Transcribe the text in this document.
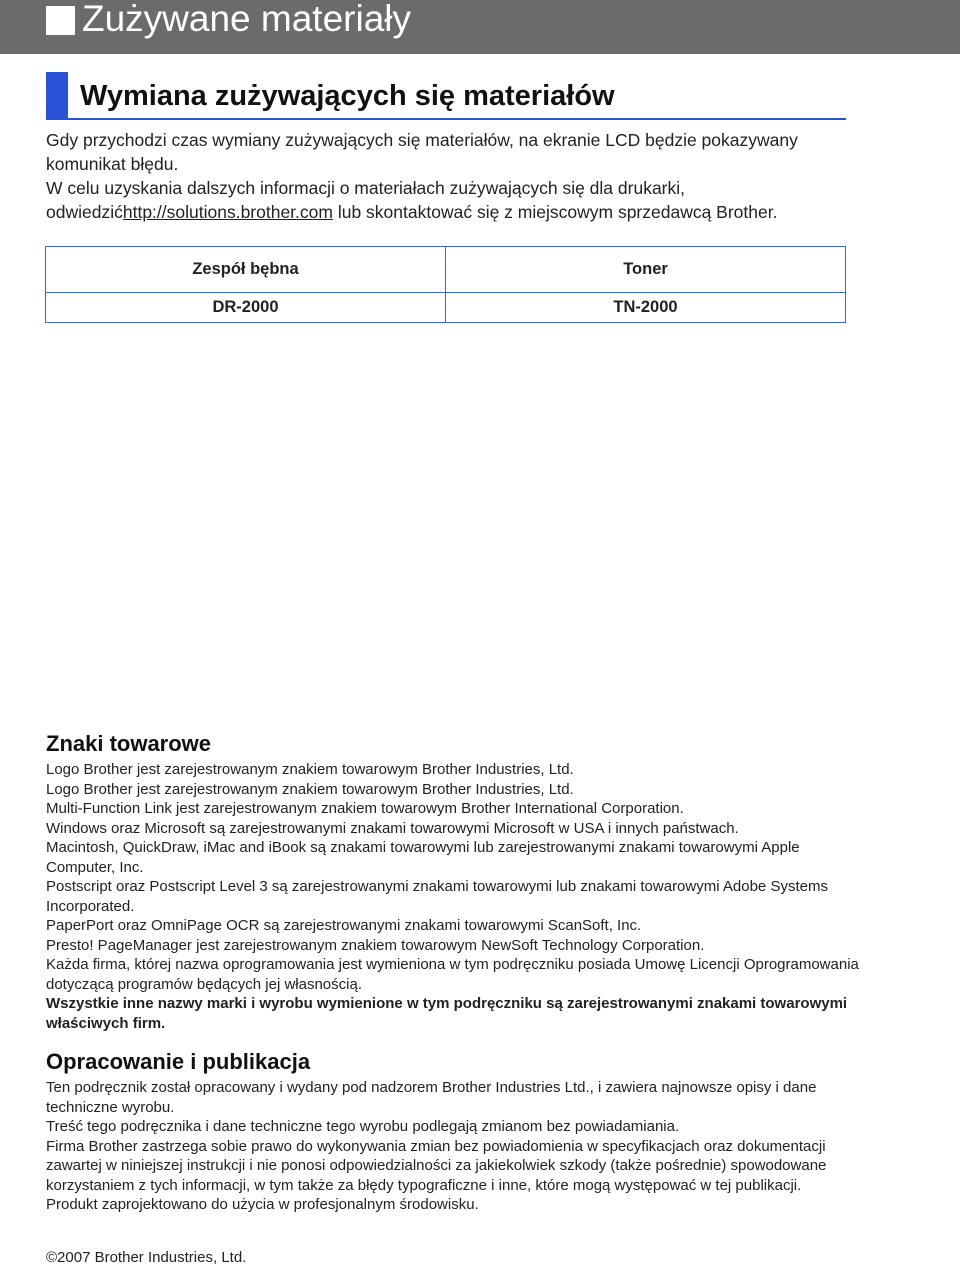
Zużywane materiały
Wymiana zużywających się materiałów

Gdy przychodzi czas wymiany zużywających się materiałów, na ekranie LCD będzie pokazywany komunikat błędu.

W celu uzyskania dalszych informacji o materiałach zużywających się dla drukarki, odwiedzićhttp://solutions.brother.com lub skontaktować się z miejscowym sprzedawcą Brother.

Zespół bębna	Toner
DR-2000	TN-2000
Znaki towarowe

Logo Brother jest zarejestrowanym znakiem towarowym Brother Industries, Ltd.

Logo Brother jest zarejestrowanym znakiem towarowym Brother Industries, Ltd.

Multi-Function Link jest zarejestrowanym znakiem towarowym Brother International Corporation.

Windows oraz Microsoft są zarejestrowanymi znakami towarowymi Microsoft w USA i innych państwach.

Macintosh, QuickDraw, iMac and iBook są znakami towarowymi lub zarejestrowanymi znakami towarowymi Apple Computer, Inc.

Postscript oraz Postscript Level 3 są zarejestrowanymi znakami towarowymi lub znakami towarowymi Adobe Systems Incorporated.

PaperPort oraz OmniPage OCR są zarejestrowanymi znakami towarowymi ScanSoft, Inc.

Presto! PageManager jest zarejestrowanym znakiem towarowym NewSoft Technology Corporation.

Każda firma, której nazwa oprogramowania jest wymieniona w tym podręczniku posiada Umowę Licencji Oprogramowania dotyczącą programów będących jej własnością.

Wszystkie inne nazwy marki i wyrobu wymienione w tym podręczniku są zarejestrowanymi znakami towarowymi właściwych firm.

Opracowanie i publikacja

Ten podręcznik został opracowany i wydany pod nadzorem Brother Industries Ltd., i zawiera najnowsze opisy i dane techniczne wyrobu.

Treść tego podręcznika i dane techniczne tego wyrobu podlegają zmianom bez powiadamiania.

Firma Brother zastrzega sobie prawo do wykonywania zmian bez powiadomienia w specyfikacjach oraz dokumentacji zawartej w niniejszej instrukcji i nie ponosi odpowiedzialności za jakiekolwiek szkody (także pośrednie) spowodowane korzystaniem z tych informacji, w tym także za błędy typograficzne i inne, które mogą występować w tej publikacji.

Produkt zaprojektowano do użycia w profesjonalnym środowisku.

©2007 Brother Industries, Ltd.
